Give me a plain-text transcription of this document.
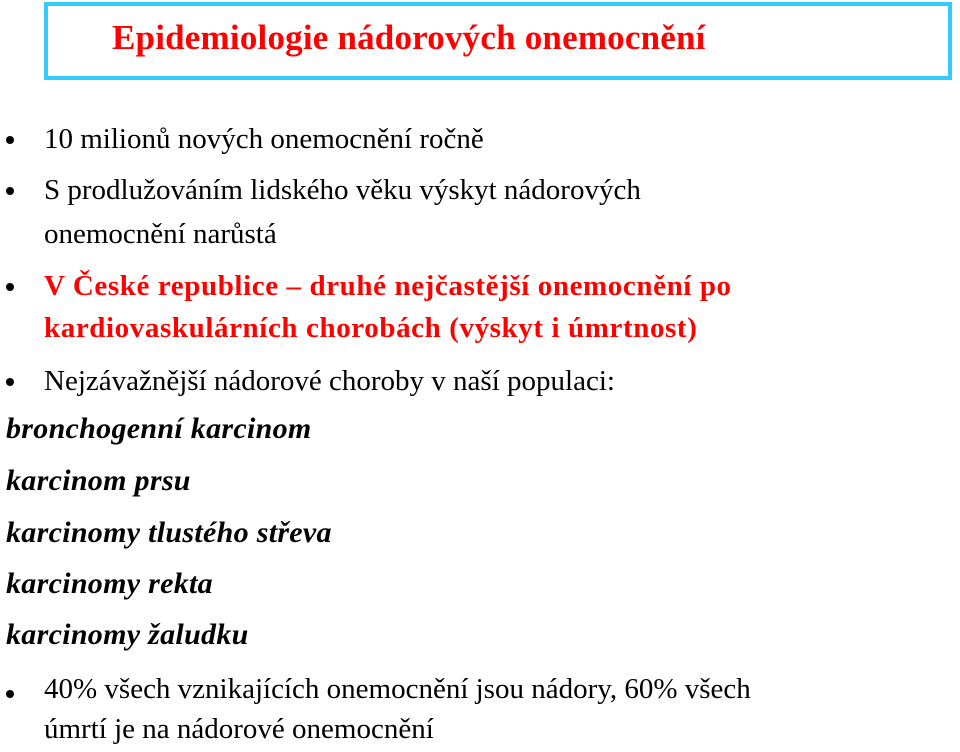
Epidemiologie nádorových onemocnění
10 milionů nových onemocnění ročně
S prodlužováním lidského věku výskyt nádorových
onemocnění narůstá
V České republice – druhé nejčastější onemocnění po
kardiovaskulárních chorobách (výskyt i úmrtnost)
Nejzávažnější nádorové choroby v naší populaci:
bronchogenní karcinom
karcinom prsu
karcinomy tlustého střeva
karcinomy rekta
karcinomy žaludku
40% všech vznikajících onemocnění jsou nádory, 60% všech
úmrtí je na nádorové onemocnění
